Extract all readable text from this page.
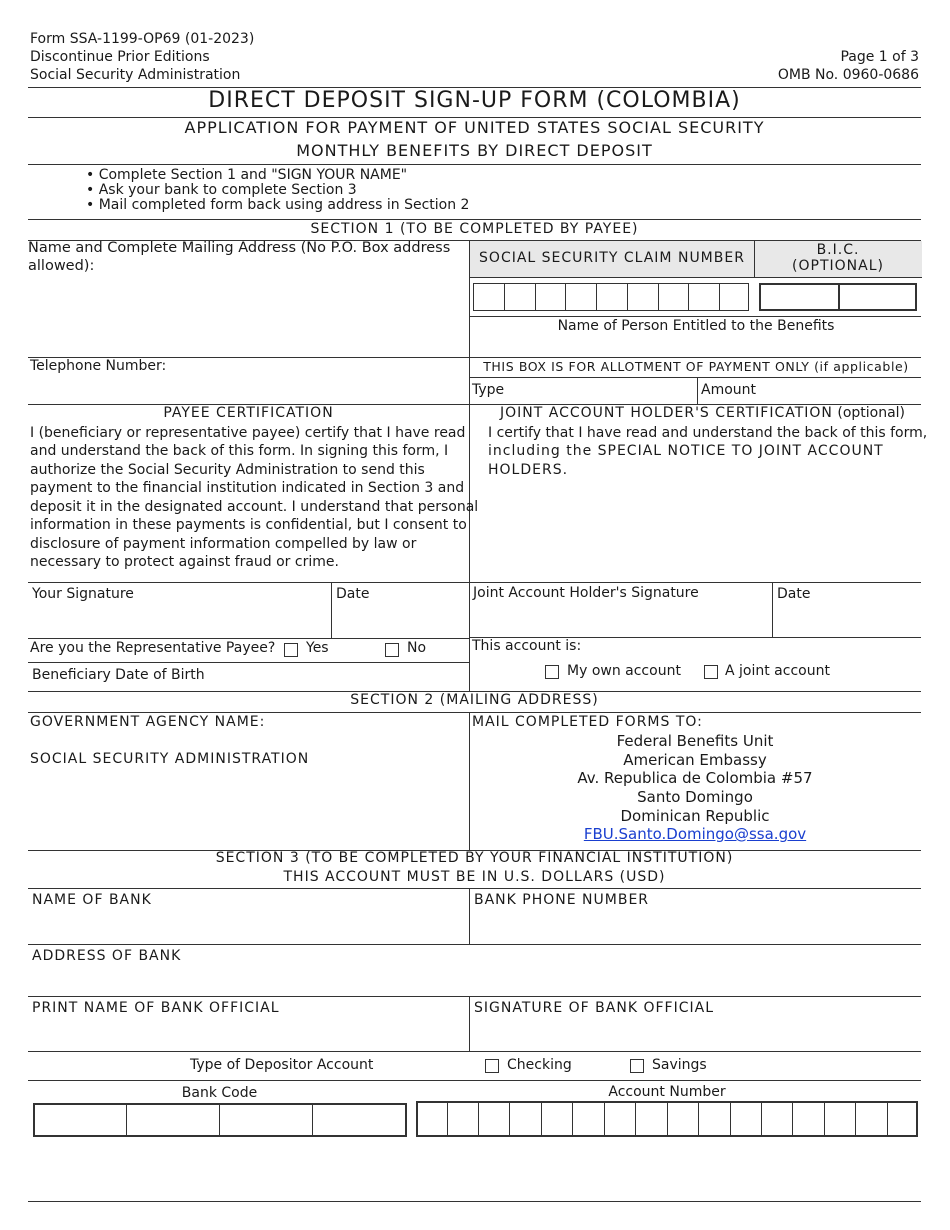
Form SSA-1199-OP69 (01-2023)
Discontinue Prior Editions
Social Security Administration
Page 1 of 3
OMB No. 0960-0686
DIRECT DEPOSIT SIGN-UP FORM (COLOMBIA)
APPLICATION FOR PAYMENT OF UNITED STATES SOCIAL SECURITY
MONTHLY BENEFITS BY DIRECT DEPOSIT
• Complete Section 1 and "SIGN YOUR NAME"
• Ask your bank to complete Section 3
• Mail completed form back using address in Section 2
SECTION 1 (TO BE COMPLETED BY PAYEE)
Name and Complete Mailing Address (No P.O. Box address
allowed):	SOCIAL SECURITY CLAIM NUMBER	B.I.C.
(OPTIONAL)
Name of Person Entitled to the Benefits
Telephone Number:	THIS BOX IS FOR ALLOTMENT OF PAYMENT ONLY (if applicable)
Type	Amount
PAYEE CERTIFICATION
I (beneficiary or representative payee) certify that I have read
and understand the back of this form. In signing this form, I
authorize the Social Security Administration to send this
payment to the financial institution indicated in Section 3 and
deposit it in the designated account. I understand that personal
information in these payments is confidential, but I consent to
disclosure of payment information compelled by law or
necessary to protect against fraud or crime.
JOINT ACCOUNT HOLDER'S CERTIFICATION (optional)
I certify that I have read and understand the back of this form,
including the SPECIAL NOTICE TO JOINT ACCOUNT
HOLDERS.
Your Signature	Date	Joint Account Holder's Signature	Date
Are you the Representative Payee? Yes	No
Beneficiary Date of Birth
This account is:
My own account	A joint account
SECTION 2 (MAILING ADDRESS)
GOVERNMENT AGENCY NAME:
SOCIAL SECURITY ADMINISTRATION
MAIL COMPLETED FORMS TO:
Federal Benefits Unit
American Embassy
Av. Republica de Colombia #57
Santo Domingo
Dominican Republic
FBU.Santo.Domingo@ssa.gov
SECTION 3 (TO BE COMPLETED BY YOUR FINANCIAL INSTITUTION)
THIS ACCOUNT MUST BE IN U.S. DOLLARS (USD)
NAME OF BANK	BANK PHONE NUMBER
ADDRESS OF BANK
PRINT NAME OF BANK OFFICIAL	SIGNATURE OF BANK OFFICIAL
Type of Depositor Account	Checking	Savings
Bank Code	Account Number
